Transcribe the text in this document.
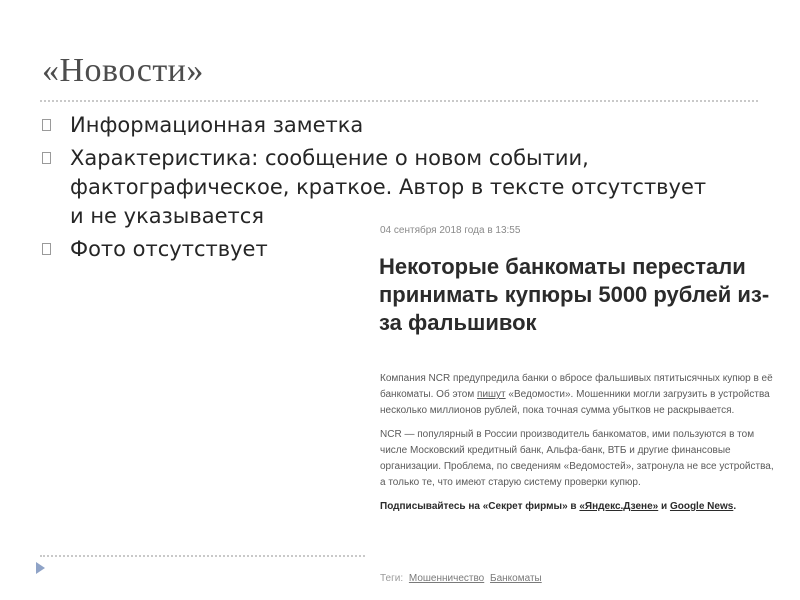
«Новости»
Информационная заметка
Характеристика: сообщение о новом событии, фактографическое, краткое. Автор в тексте отсутствует и не указывается
Фото отсутствует
04 сентября 2018 года в 13:55
Некоторые банкоматы перестали принимать купюры 5000 рублей из-за фальшивок

Компания NCR предупредила банки о вбросе фальшивых пятитысячных купюр в её банкоматы. Об этом пишут «Ведомости». Мошенники могли загрузить в устройства несколько миллионов рублей, пока точная сумма убытков не раскрывается.

NCR — популярный в России производитель банкоматов, ими пользуются в том числе Московский кредитный банк, Альфа-банк, ВТБ и другие финансовые организации. Проблема, по сведениям «Ведомостей», затронула не все устройства, а только те, что имеют старую систему проверки купюр.

Подписывайтесь на «Секрет фирмы» в «Яндекс.Дзене» и Google News.

Теги: Мошенничество Банкоматы
